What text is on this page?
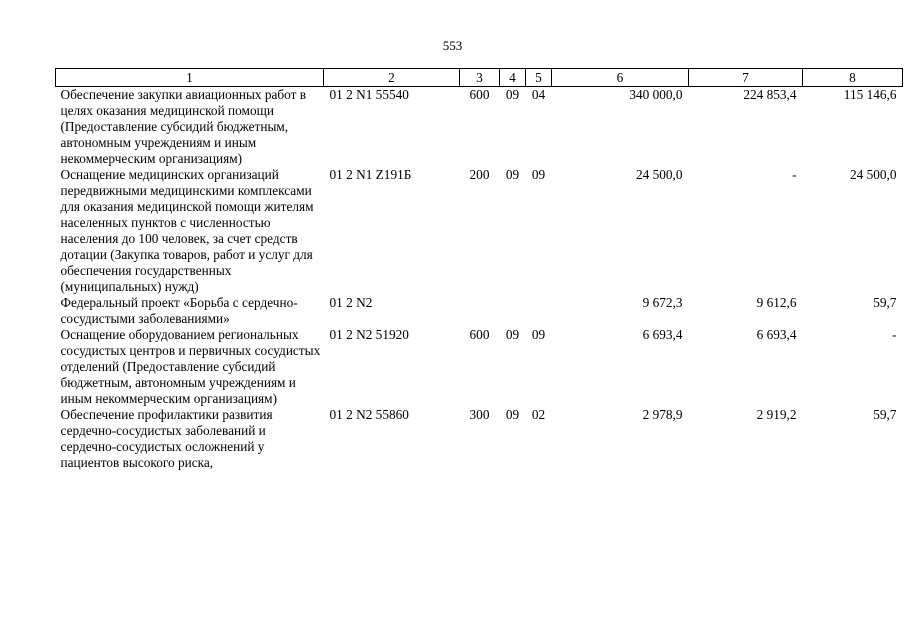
553
1	2	3	4	5	6	7	8
Обеспечение закупки авиационных работ в целях оказания медицинской помощи (Предоставление субсидий бюджетным, автономным учреждениям и иным некоммерческим организациям)	01 2 N1 55540	600	09	04	340 000,0	224 853,4	115 146,6
Оснащение медицинских организаций передвижными медицинскими комплексами для оказания медицинской помощи жителям населенных пунктов с численностью населения до 100 человек, за счет средств дотации (Закупка товаров, работ и услуг для обеспечения государственных (муниципальных) нужд)	01 2 N1 Z191Б	200	09	09	24 500,0	-	24 500,0
Федеральный проект «Борьба с сердечно-сосудистыми заболеваниями»	01 2 N2				9 672,3	9 612,6	59,7
Оснащение оборудованием региональных сосудистых центров и первичных сосудистых отделений (Предоставление субсидий бюджетным, автономным учреждениям и иным некоммерческим организациям)	01 2 N2 51920	600	09	09	6 693,4	6 693,4	-
Обеспечение профилактики развития сердечно-сосудистых заболеваний и сердечно-сосудистых осложнений у пациентов высокого риска,	01 2 N2 55860	300	09	02	2 978,9	2 919,2	59,7
